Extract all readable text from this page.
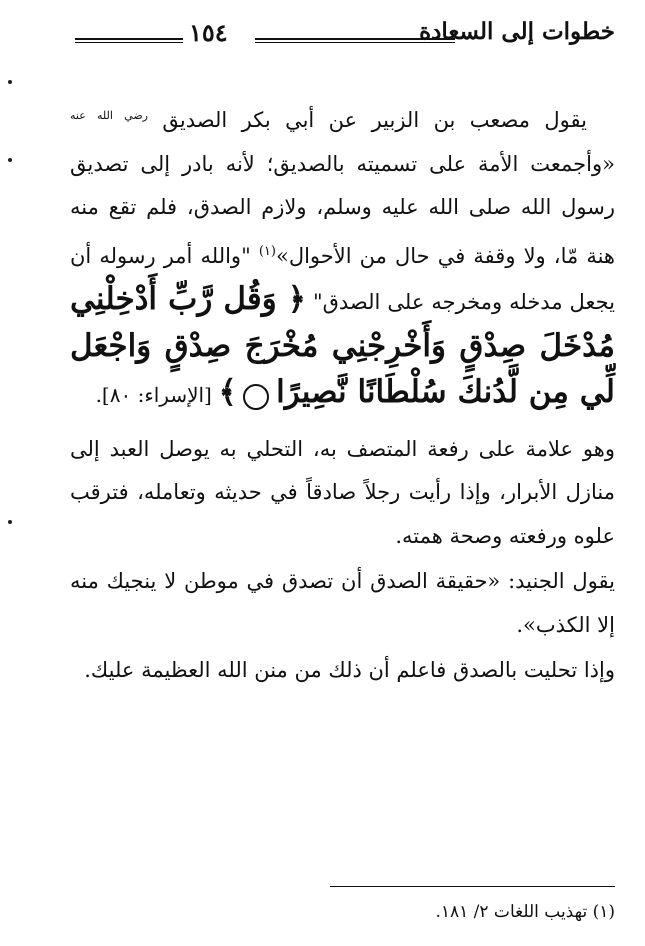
خطوات إلى السعادة
١٥٤

يقول مصعب بن الزبير عن أبي بكر الصديق $^{رضي الله عنه}$ «وأجمعت الأمة على تسميته بالصديق؛ لأنه بادر إلى تصديق رسول الله صلى الله عليه وسلم، ولازم الصدق، فلم تقع منه هنة مّا، ولا وقفة في حال من الأحوال»$^{(١)}$ "والله أمر رسوله أن يجعل مدخله ومخرجه على الصدق" ﴿ وَقُل رَّبِّ أَدْخِلْنِي مُدْخَلَ صِدْقٍ وَأَخْرِجْنِي مُخْرَجَ صِدْقٍ وَاجْعَل لِّي مِن لَّدُنكَ سُلْطَانًا نَّصِيرًا  ﴾ [الإسراء: ٨٠].

وهو علامة على رفعة المتصف به، التحلي به يوصل العبد إلى منازل الأبرار، وإذا رأيت رجلاً صادقاً في حديثه وتعامله، فترقب علوه ورفعته وصحة همته.

يقول الجنيد: «حقيقة الصدق أن تصدق في موطن لا ينجيك منه إلا الكذب».

وإذا تحليت بالصدق فاعلم أن ذلك من منن الله العظيمة عليك.

(١) تهذيب اللغات ٢/ ١٨١.
